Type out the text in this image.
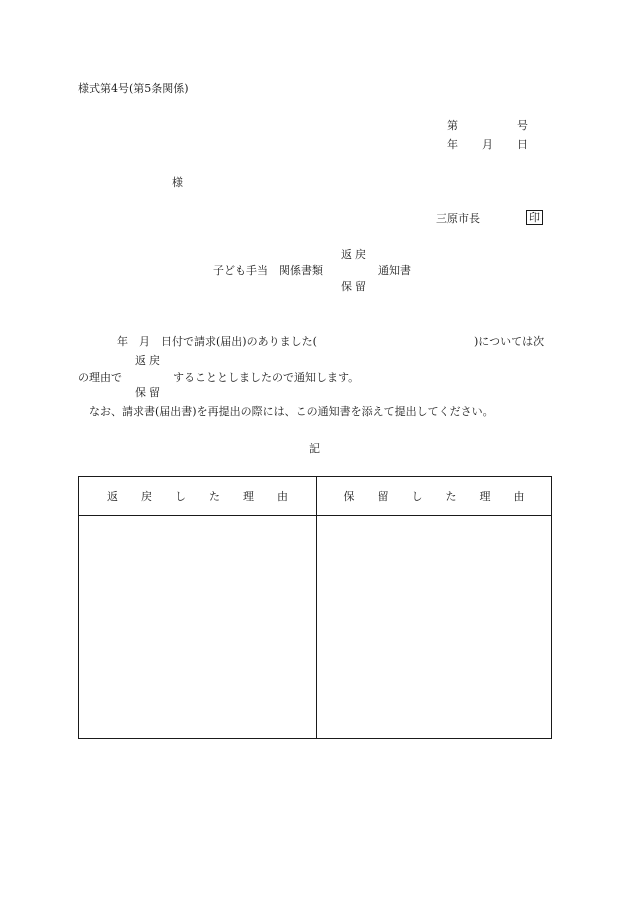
様式第4号(第5条関係)
第	号
年 月 日
様
三原市長	印
返戻
子ども手当　関係書類	通知書
保留
年　月　日付で請求(届出)のありました(	)については次
返戻
の理由で	することとしましたので通知します。
保留
なお、請求書(届出書)を再提出の際には、この通知書を添えて提出してください。
記
返戻した理由	保留した理由
